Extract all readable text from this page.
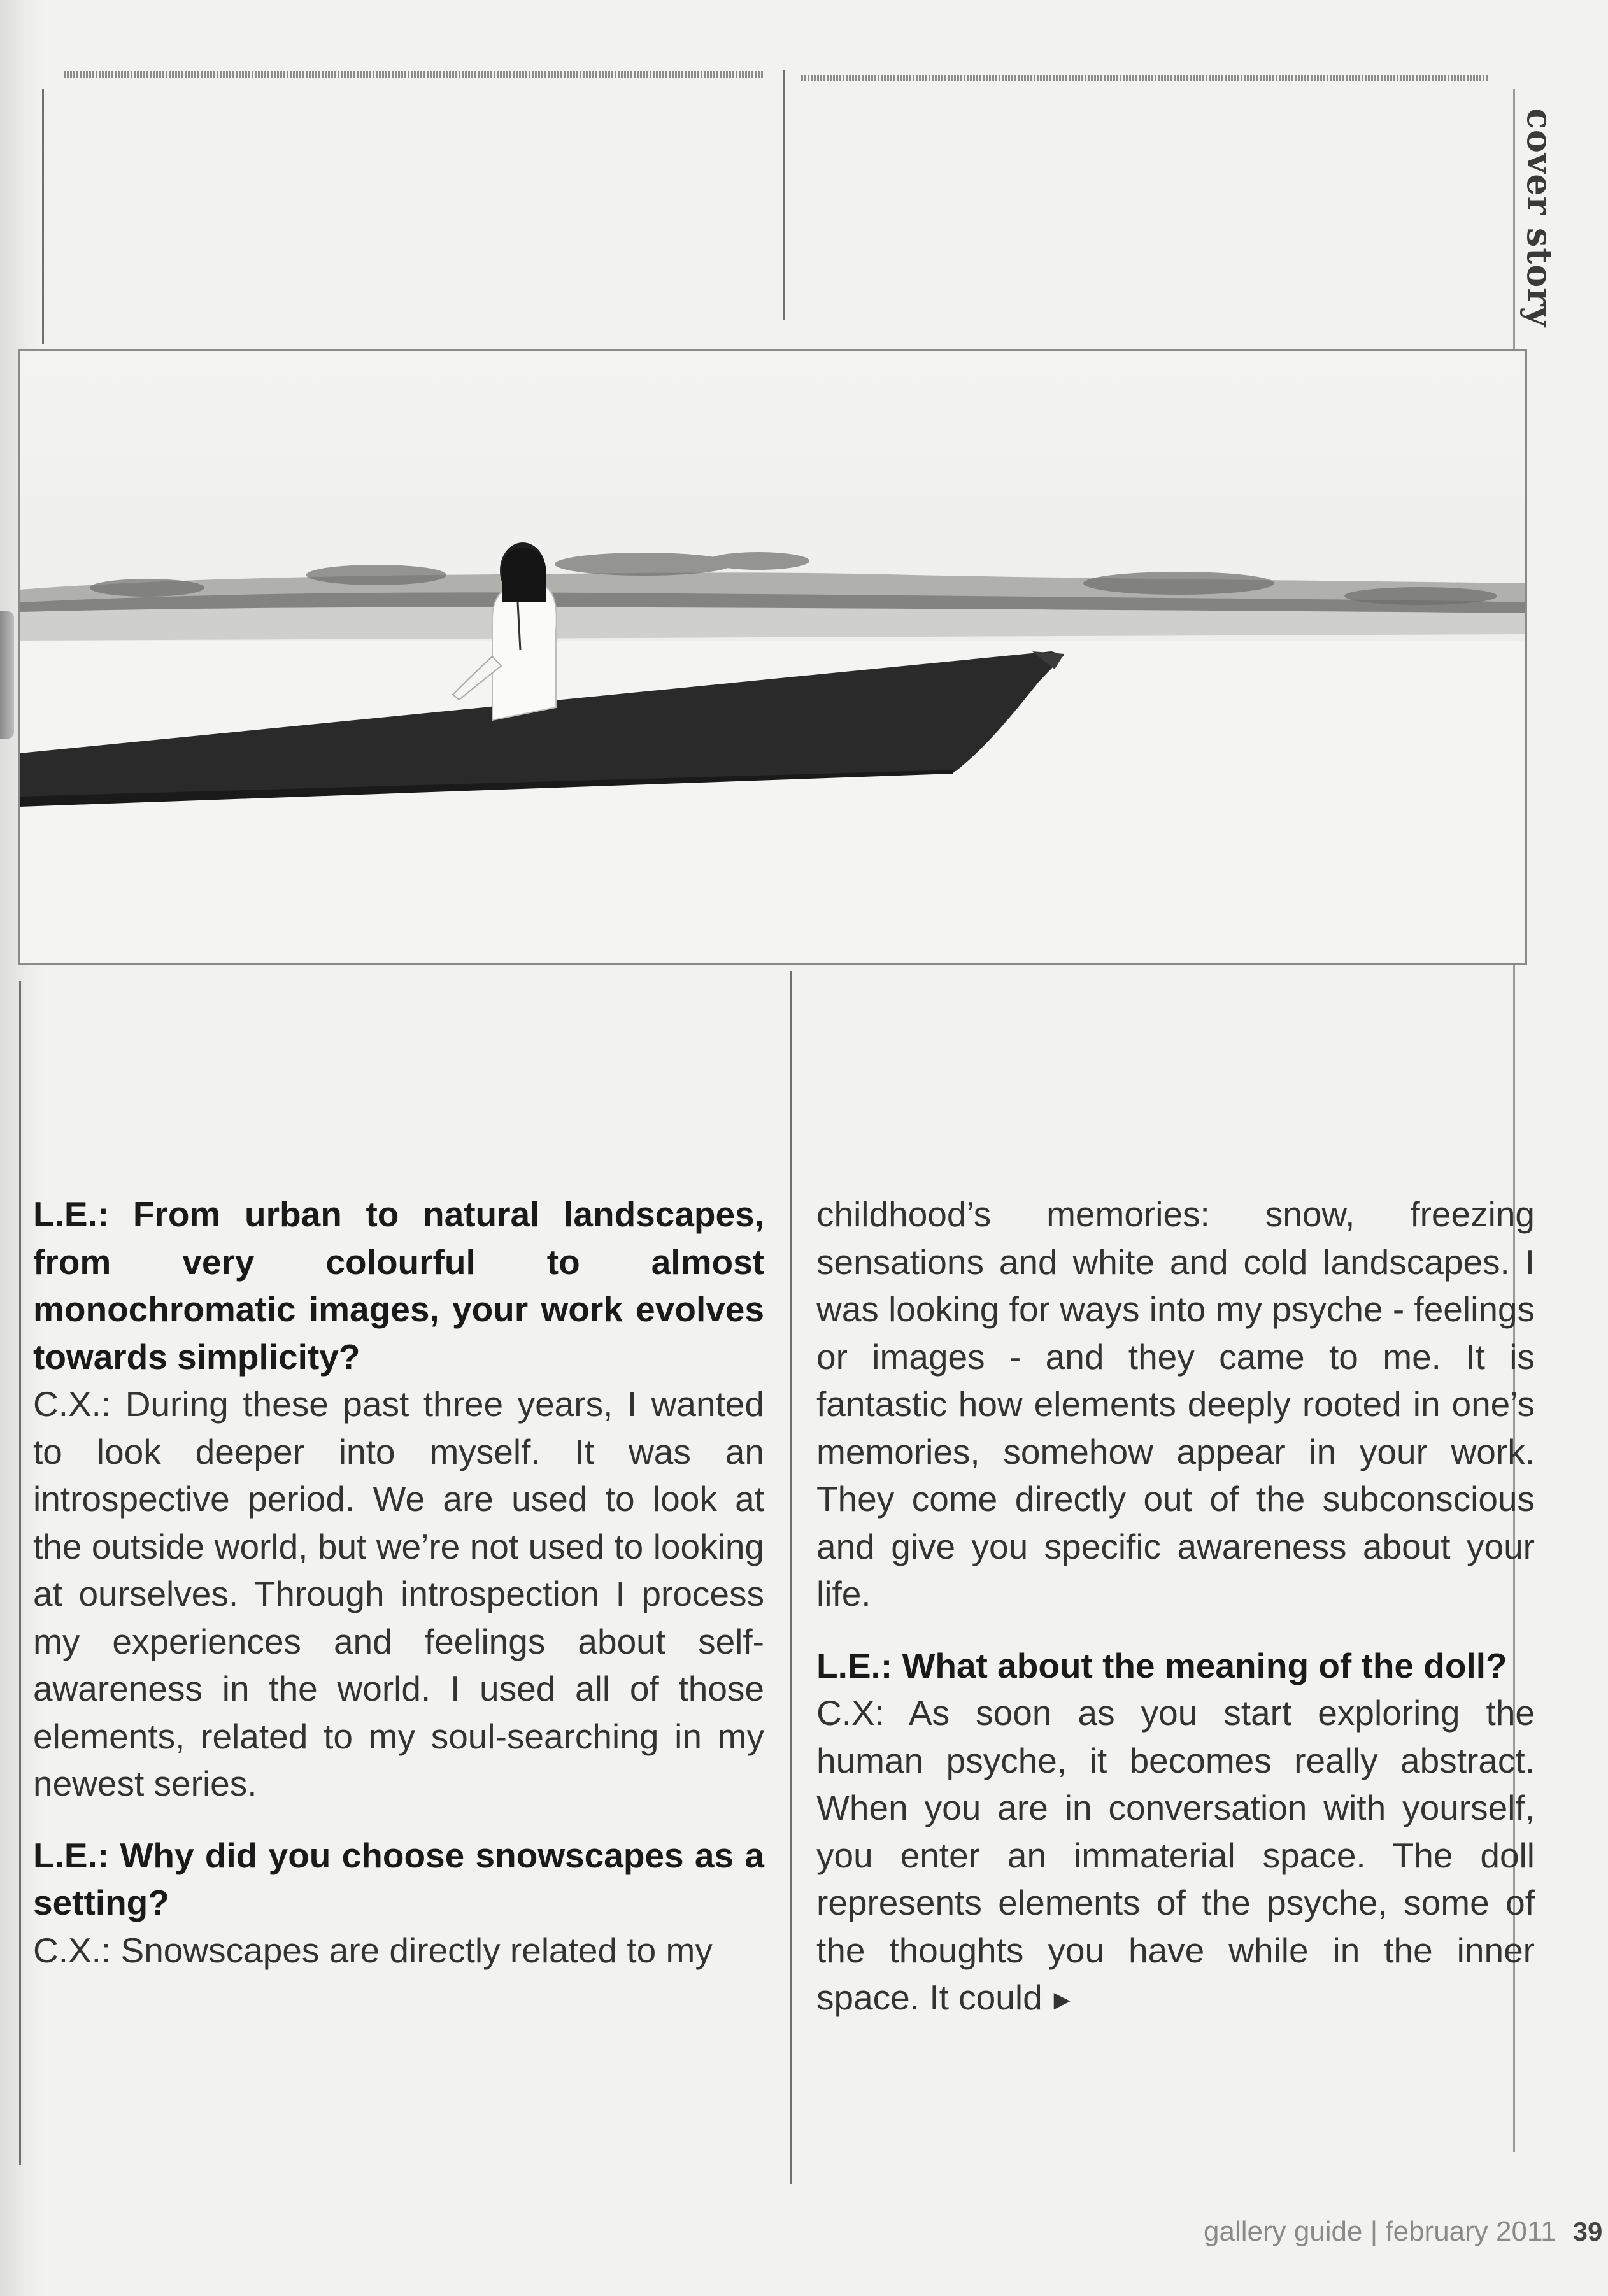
cover story

L.E.: From urban to natural landscapes, from very colourful to almost monochromatic images, your work evolves towards simplicity?

C.X.: During these past three years, I wanted to look deeper into myself. It was an introspective period. We are used to look at the outside world, but we’re not used to looking at ourselves. Through introspection I process my experiences and feelings about self-awareness in the world. I used all of those elements, related to my soul-searching in my newest series.

L.E.: Why did you choose snowscapes as a setting?

C.X.: Snowscapes are directly related to my

childhood’s memories: snow, freezing sensations and white and cold landscapes. I was looking for ways into my psyche - feelings or images - and they came to me. It is fantastic how elements deeply rooted in one’s memories, somehow appear in your work. They come directly out of the subconscious and give you specific awareness about your life.

L.E.: What about the meaning of the doll?

C.X: As soon as you start exploring the human psyche, it becomes really abstract. When you are in conversation with yourself, you enter an immaterial space. The doll represents elements of the psyche, some of the thoughts you have while in the inner space. It could ▶

gallery guide | february 2011 39
